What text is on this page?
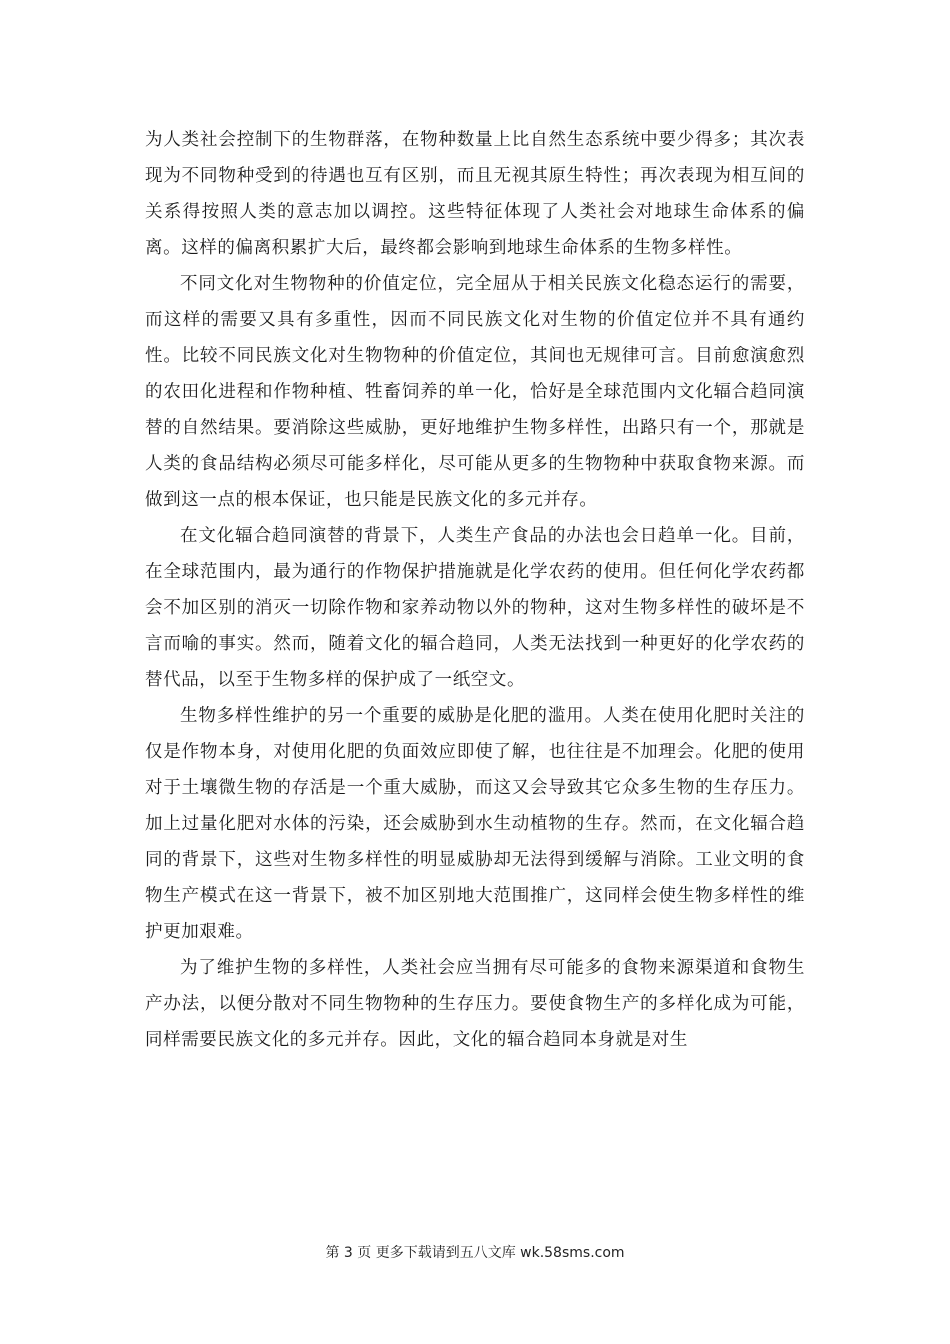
为人类社会控制下的生物群落，在物种数量上比自然生态系统中要少得多；其次表现为不同物种受到的待遇也互有区别，而且无视其原生特性；再次表现为相互间的关系得按照人类的意志加以调控。这些特征体现了人类社会对地球生命体系的偏离。这样的偏离积累扩大后，最终都会影响到地球生命体系的生物多样性。

不同文化对生物物种的价值定位，完全屈从于相关民族文化稳态运行的需要，而这样的需要又具有多重性，因而不同民族文化对生物的价值定位并不具有通约性。比较不同民族文化对生物物种的价值定位，其间也无规律可言。目前愈演愈烈的农田化进程和作物种植、牲畜饲养的单一化，恰好是全球范围内文化辐合趋同演替的自然结果。要消除这些威胁，更好地维护生物多样性，出路只有一个，那就是人类的食品结构必须尽可能多样化，尽可能从更多的生物物种中获取食物来源。而做到这一点的根本保证，也只能是民族文化的多元并存。

在文化辐合趋同演替的背景下，人类生产食品的办法也会日趋单一化。目前，在全球范围内，最为通行的作物保护措施就是化学农药的使用。但任何化学农药都会不加区别的消灭一切除作物和家养动物以外的物种，这对生物多样性的破坏是不言而喻的事实。然而，随着文化的辐合趋同，人类无法找到一种更好的化学农药的替代品，以至于生物多样的保护成了一纸空文。

生物多样性维护的另一个重要的威胁是化肥的滥用。人类在使用化肥时关注的仅是作物本身，对使用化肥的负面效应即使了解，也往往是不加理会。化肥的使用对于土壤微生物的存活是一个重大威胁，而这又会导致其它众多生物的生存压力。加上过量化肥对水体的污染，还会威胁到水生动植物的生存。然而，在文化辐合趋同的背景下，这些对生物多样性的明显威胁却无法得到缓解与消除。工业文明的食物生产模式在这一背景下，被不加区别地大范围推广，这同样会使生物多样性的维护更加艰难。

为了维护生物的多样性，人类社会应当拥有尽可能多的食物来源渠道和食物生产办法，以便分散对不同生物物种的生存压力。要使食物生产的多样化成为可能，同样需要民族文化的多元并存。因此，文化的辐合趋同本身就是对生

第 3 页 更多下载请到五八文库 wk.58sms.com
